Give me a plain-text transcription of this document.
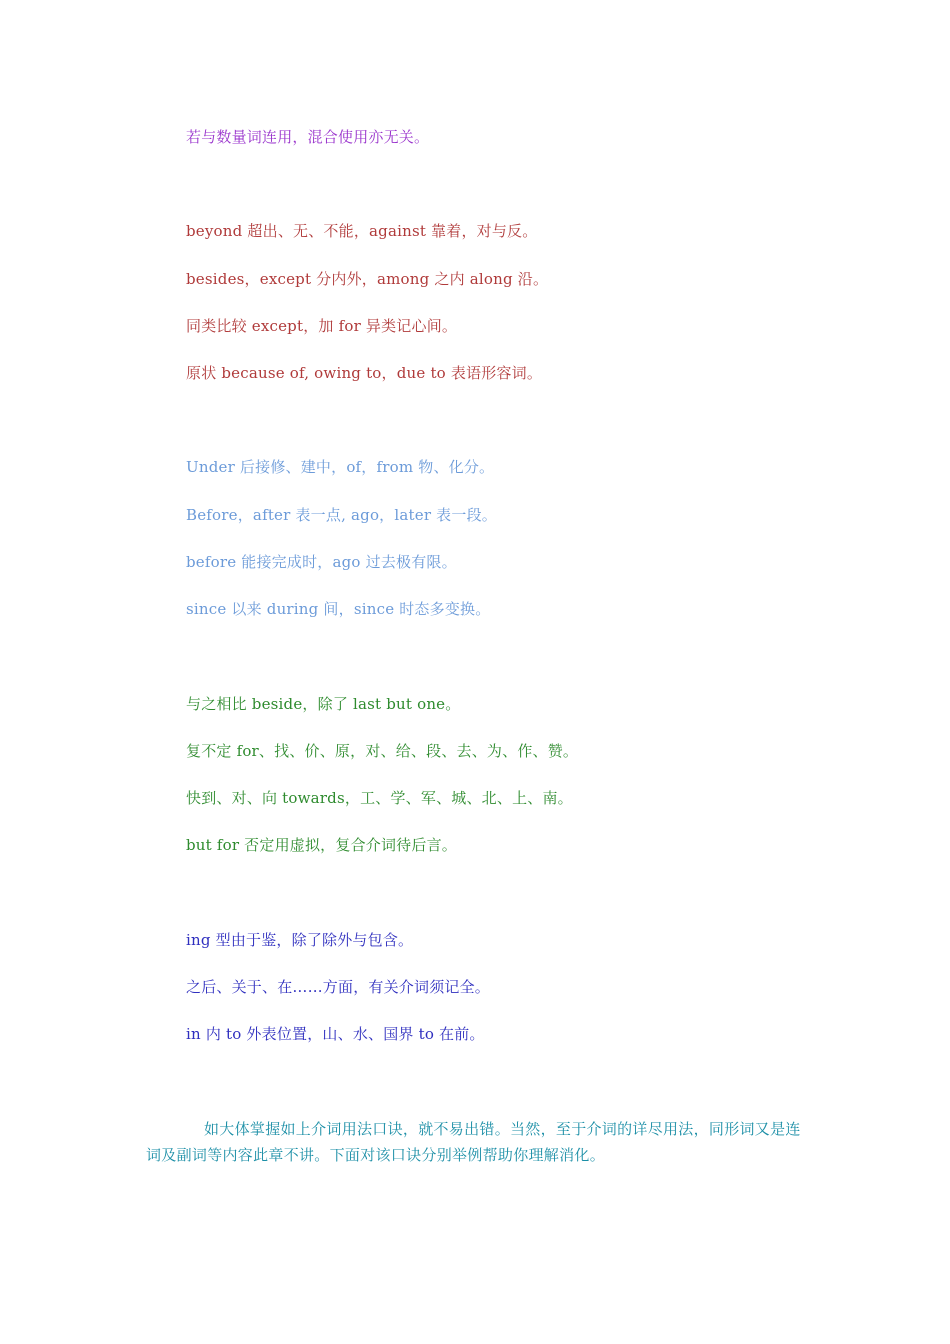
若与数量词连用，混合使用亦无关。
beyond 超出、无、不能，against 靠着，对与反。
besides，except 分内外，among 之内 along 沿。
同类比较 except，加 for 异类记心间。
原状 because of, owing to，due to 表语形容词。
Under 后接修、建中，of，from 物、化分。
Before，after 表一点, ago，later 表一段。
before 能接完成时，ago 过去极有限。
since 以来 during 间，since 时态多变换。
与之相比 beside，除了 last but one。
复不定 for、找、价、原，对、给、段、去、为、作、赞。
快到、对、向 towards，工、学、军、城、北、上、南。
but for 否定用虚拟，复合介词待后言。
ing 型由于鉴，除了除外与包含。
之后、关于、在……方面，有关介词须记全。
in 内 to 外表位置，山、水、国界 to 在前。
如大体掌握如上介词用法口诀，就不易出错。当然，至于介词的详尽用法，同形词又是连词及副词等内容此章不讲。下面对该口诀分别举例帮助你理解消化。
